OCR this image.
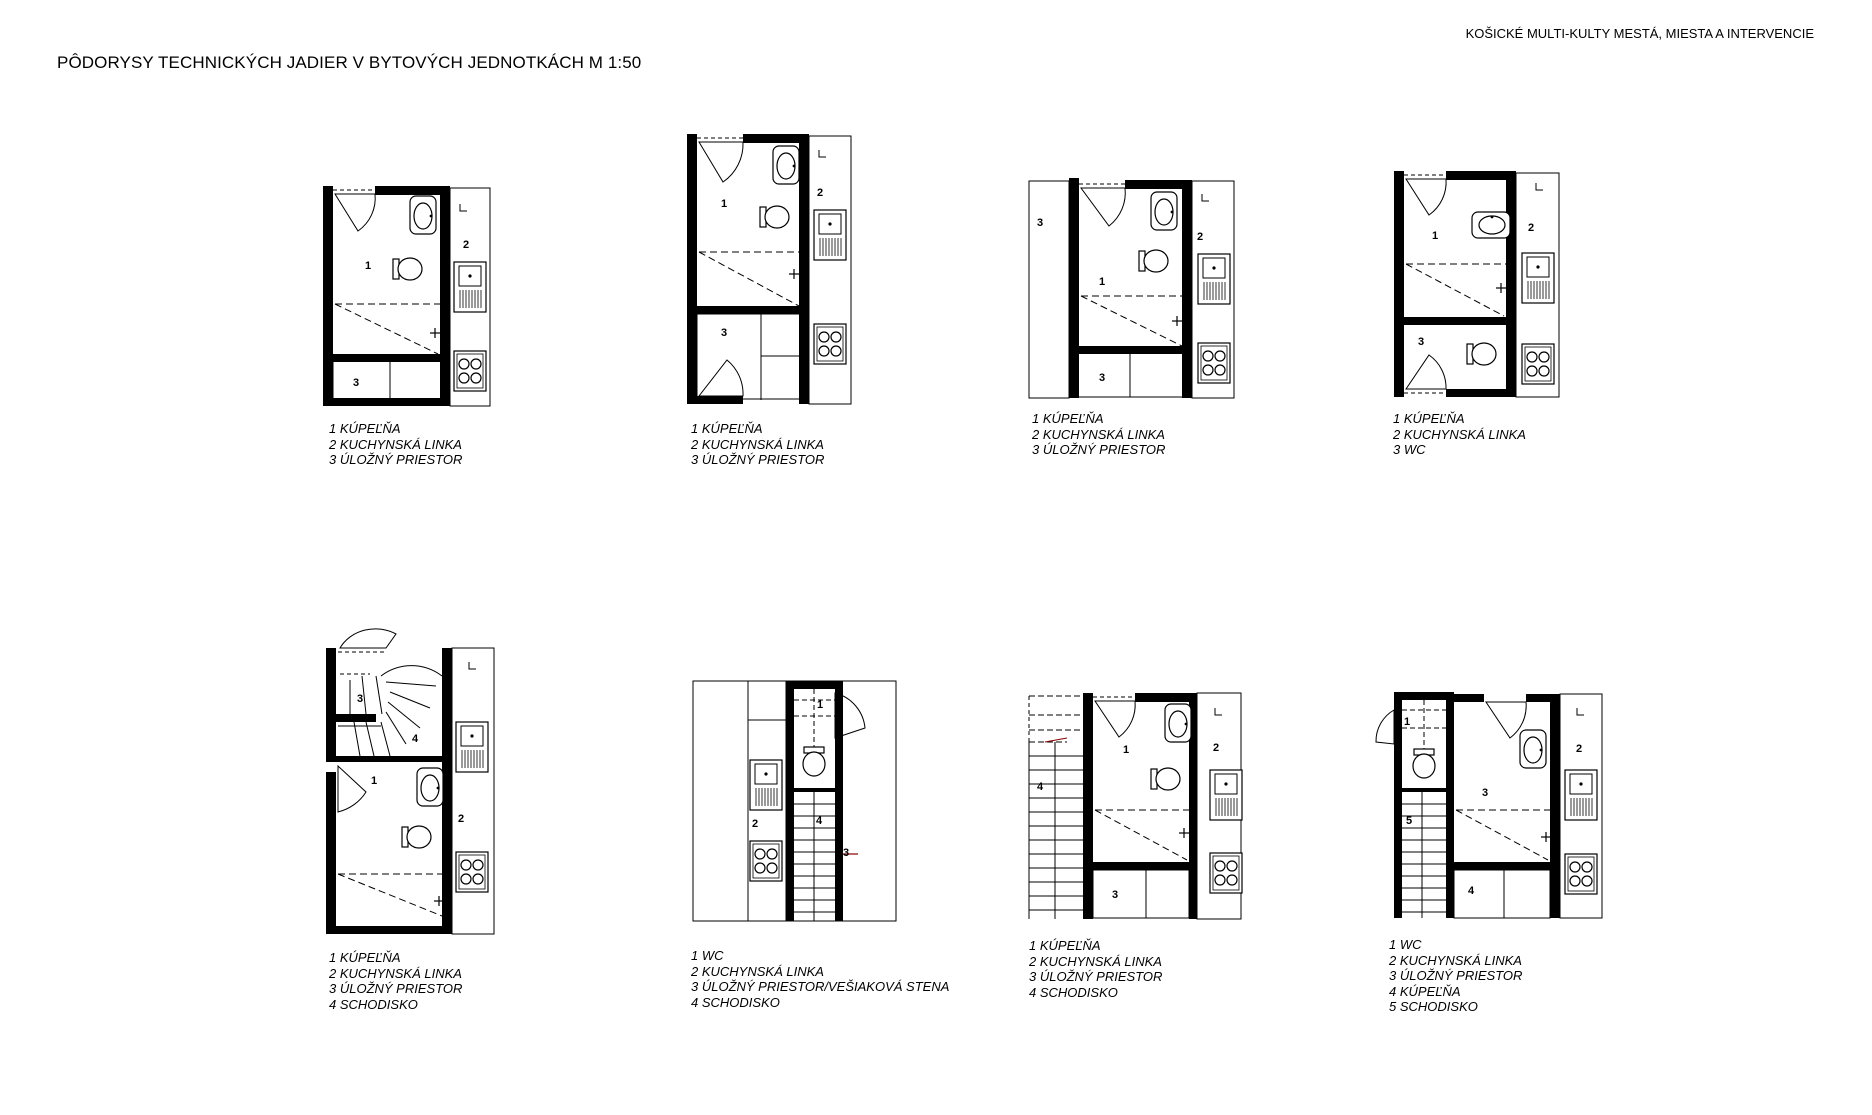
PÔDORYSY TECHNICKÝCH JADIER V BYTOVÝCH JEDNOTKÁCH M 1:50
KOŠICKÉ MULTI-KULTY MESTÁ, MIESTA A INTERVENCIE
1
2
3
1 KÚPEĽŇA
2 KUCHYNSKÁ LINKA
3 ÚLOŽNÝ PRIESTOR
1
2
3
1 KÚPEĽŇA
2 KUCHYNSKÁ LINKA
3 ÚLOŽNÝ PRIESTOR
1
2
3
3
1 KÚPEĽŇA
2 KUCHYNSKÁ LINKA
3 ÚLOŽNÝ PRIESTOR
1
2
3
1 KÚPEĽŇA
2 KUCHYNSKÁ LINKA
3 WC
3
4
1
2
1 KÚPEĽŇA
2 KUCHYNSKÁ LINKA
3 ÚLOŽNÝ PRIESTOR
4 SCHODISKO
1
2	4
3
1 WC
2 KUCHYNSKÁ LINKA
3 ÚLOŽNÝ PRIESTOR/VEŠIAKOVÁ STENA
4 SCHODISKO
1	2
3
4
1 KÚPEĽŇA
2 KUCHYNSKÁ LINKA
3 ÚLOŽNÝ PRIESTOR
4 SCHODISKO
1
2
3
4
5
1 WC
2 KUCHYNSKÁ LINKA
3 ÚLOŽNÝ PRIESTOR
4 KÚPEĽŇA
5 SCHODISKO
